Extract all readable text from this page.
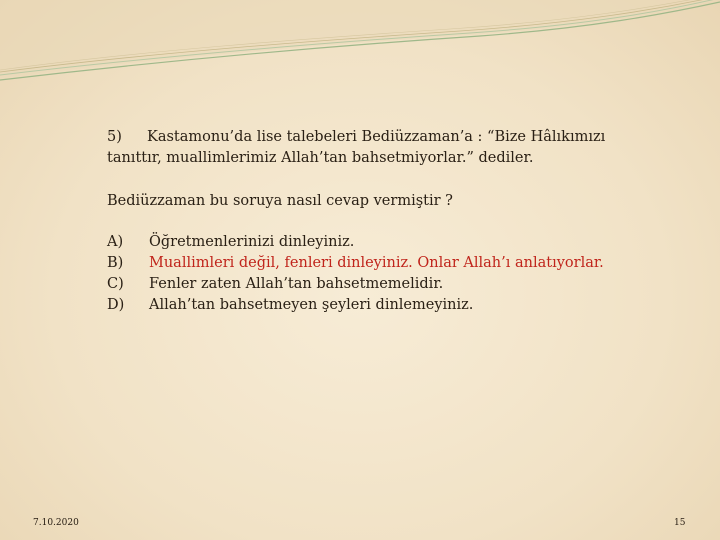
5) Kastamonu’da lise talebeleri Bediüzzaman’a : “Bize Hâlıkımızı
tanıttır, muallimlerimiz Allah’tan bahsetmiyorlar.” dediler.
Bediüzzaman bu soruya nasıl cevap vermiştir ?
A) Öğretmenlerinizi dinleyiniz.
B) Muallimleri değil, fenleri dinleyiniz. Onlar Allah’ı anlatıyorlar.
C) Fenler zaten Allah’tan bahsetmemelidir.
D) Allah’tan bahsetmeyen şeyleri dinlemeyiniz.
7.10.2020	15
